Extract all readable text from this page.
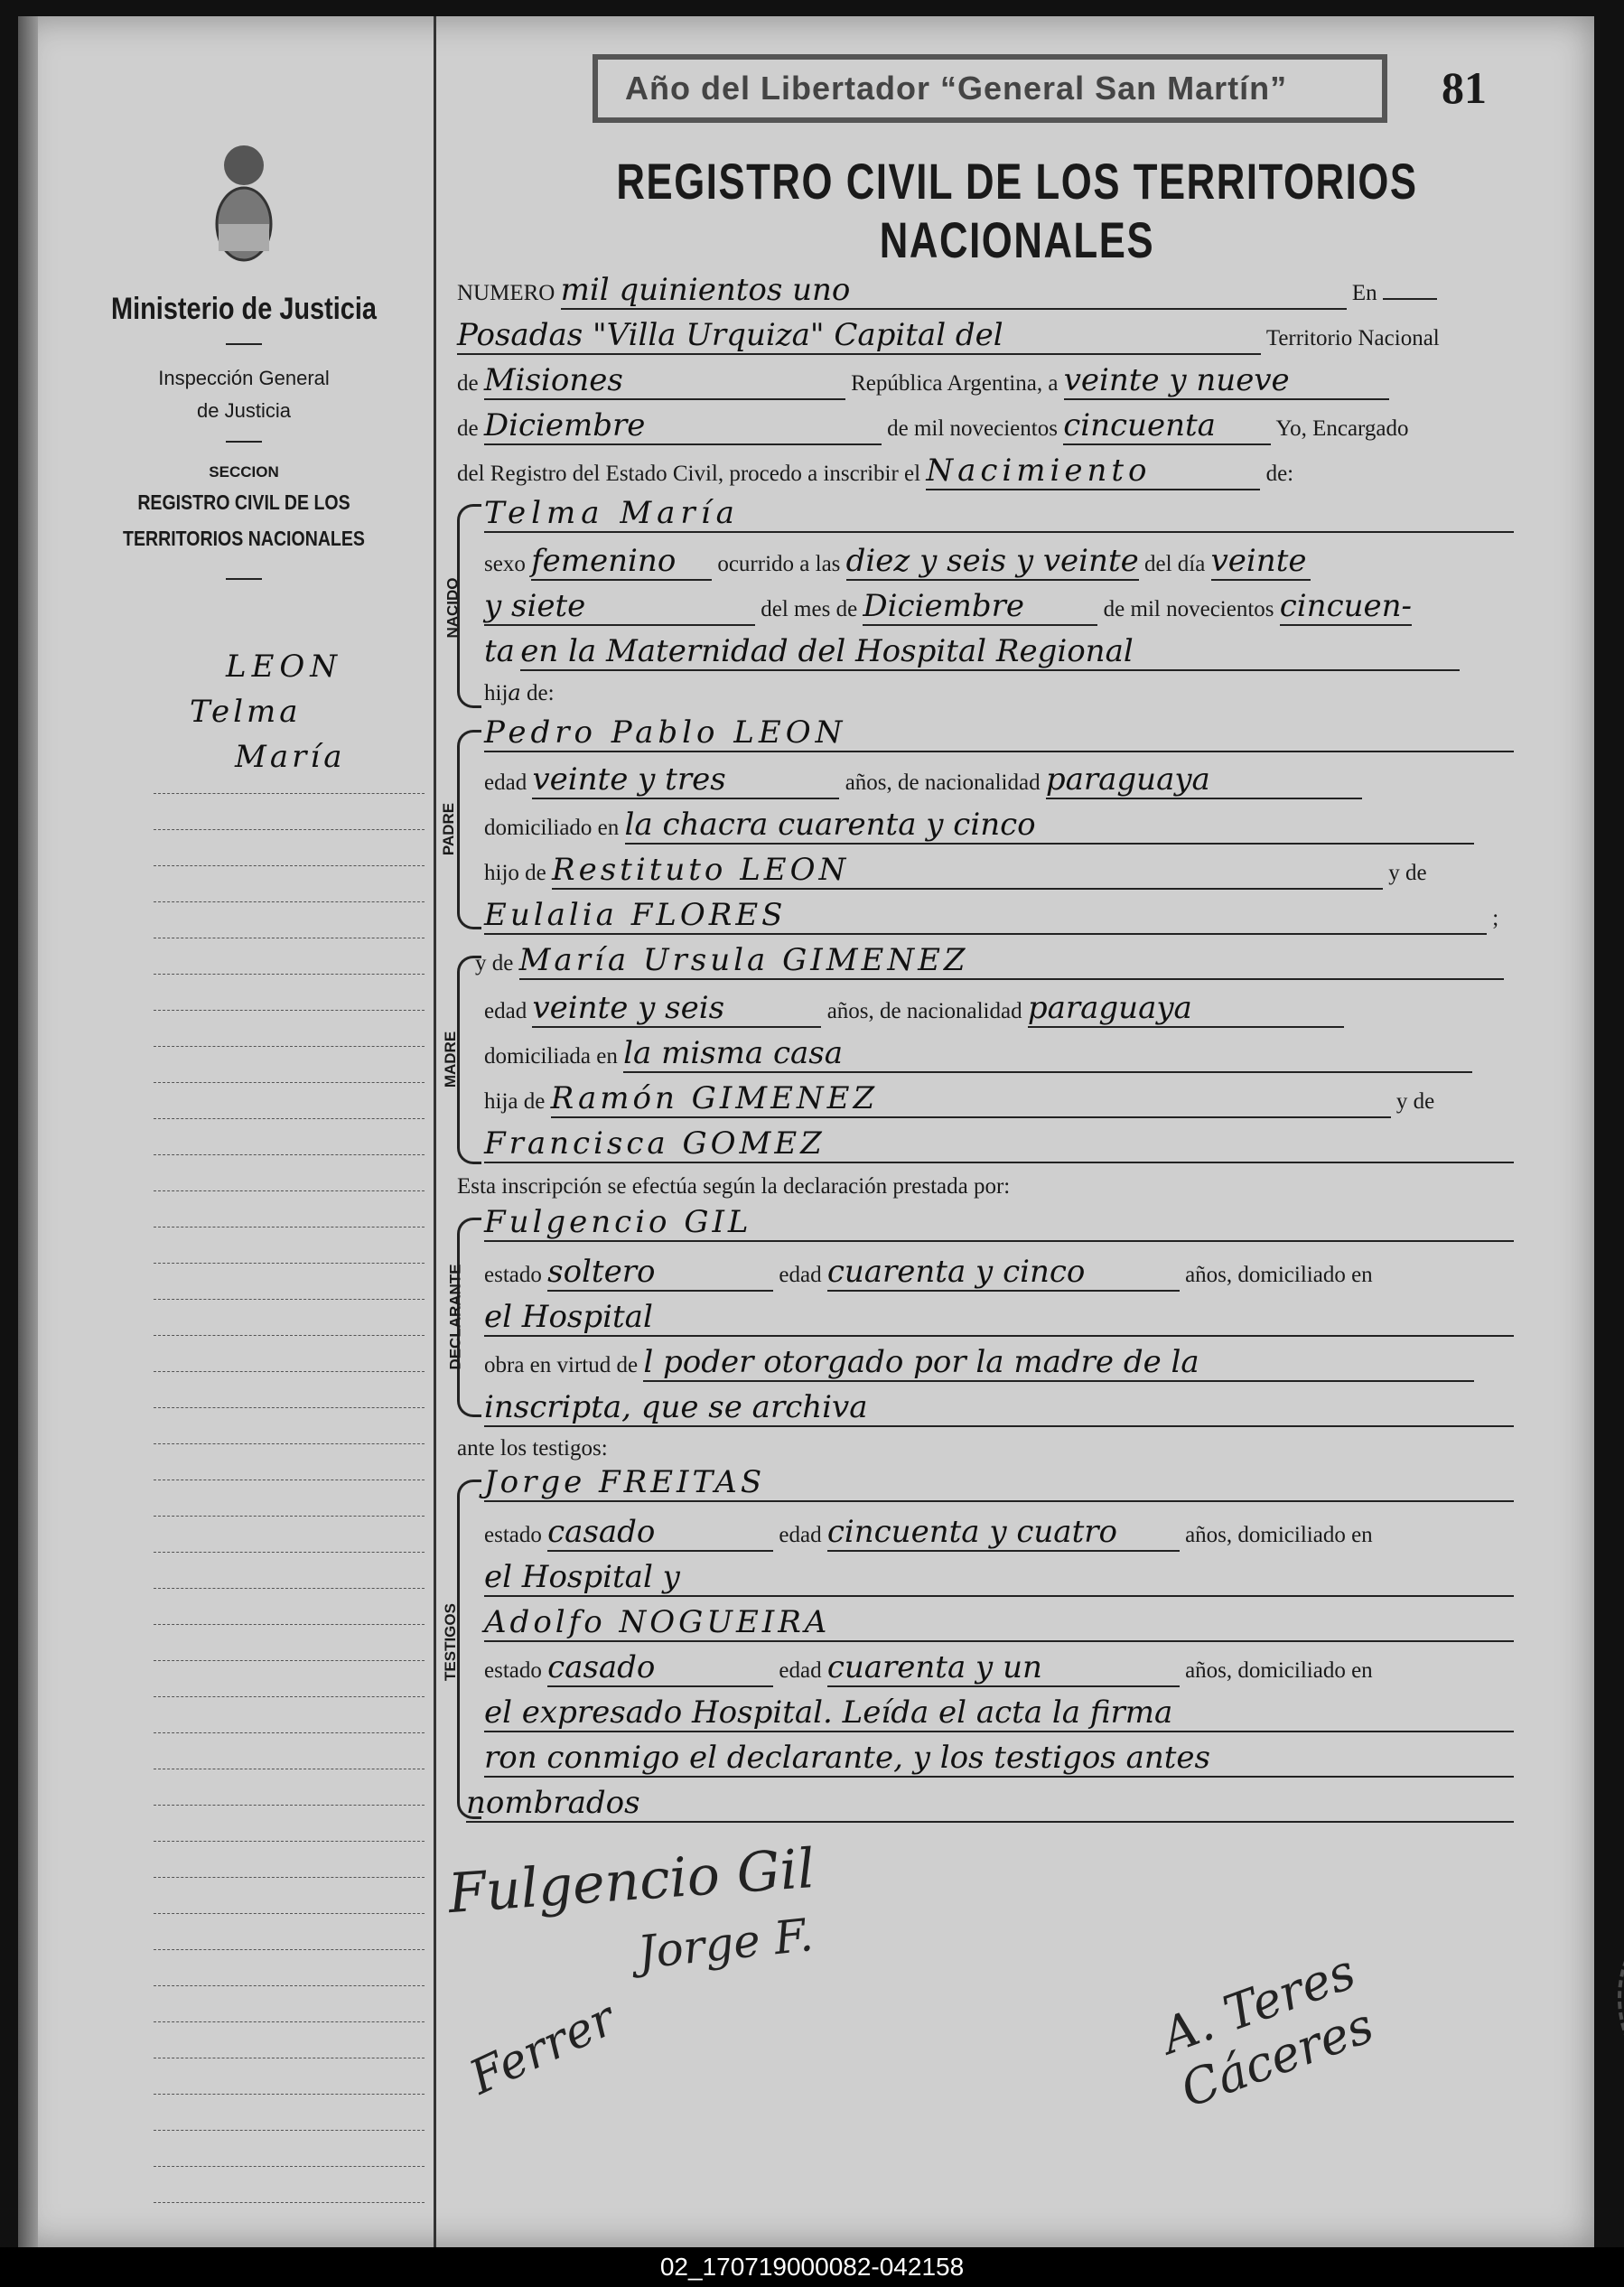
Ministerio de Justicia
Inspección General
de Justicia
SECCION
REGISTRO CIVIL DE LOS
TERRITORIOS NACIONALES
LEON
Telma
María
Año del Libertador “General San Martín”	81
REGISTRO CIVIL DE LOS TERRITORIOS NACIONALES
NUMERO mil quinientos uno	En
Posadas "Villa Urquiza" Capital del	Territorio Nacional
de Misiones	República Argentina, a veinte y nueve
de Diciembre	de mil novecientos cincuenta	Yo, Encargado
del Registro del Estado Civil, procedo a inscribir el Nacimiento	de:
NACIDO
Telma María
sexo femenino ocurrido a las diez y seis y veinte del día veinte
y siete	del mes de Diciembre	de mil novecientos cincuen-
ta en la Maternidad del Hospital Regional
hija de:
PADRE
Pedro Pablo LEON
edad veinte y tres	años, de nacionalidad paraguaya
domiciliado en la chacra cuarenta y cinco
hijo de Restituto LEON	y de
Eulalia FLORES	;
MADRE
y de María Ursula GIMENEZ
edad veinte y seis	años, de nacionalidad paraguaya
domiciliada en la misma casa
hija de Ramón GIMENEZ	y de
Francisca GOMEZ
Esta inscripción se efectúa según la declaración prestada por:
DECLARANTE
Fulgencio GIL
estado soltero	edad cuarenta y cinco	años, domiciliado en
el Hospital
obra en virtud de l poder otorgado por la madre de la
inscripta, que se archiva
ante los testigos:
TESTIGOS
Jorge FREITAS
estado casado	edad cincuenta y cuatro	años, domiciliado en
el Hospital y
Adolfo NOGUEIRA
estado casado	edad cuarenta y un	años, domiciliado en
el expresado Hospital. Leída el acta la firma
ron conmigo el declarante, y los testigos antes
nombrados
Fulgencio Gil
Jorge F.
Ferrer	A. Teres Cáceres
02_170719000082-042158
